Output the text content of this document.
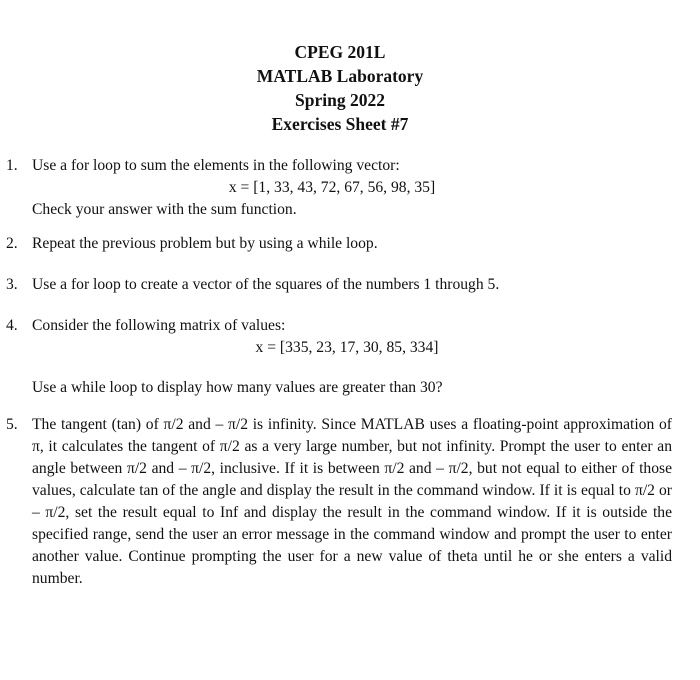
CPEG 201L
MATLAB Laboratory
Spring 2022
Exercises Sheet #7
1. Use a for loop to sum the elements in the following vector:
x = [1, 33, 43, 72, 67, 56, 98, 35]
Check your answer with the sum function.
2. Repeat the previous problem but by using a while loop.
3. Use a for loop to create a vector of the squares of the numbers 1 through 5.
4. Consider the following matrix of values:
x = [335, 23, 17, 30, 85, 334]
Use a while loop to display how many values are greater than 30?
5. The tangent (tan) of π/2 and – π/2 is infinity. Since MATLAB uses a floating-point approximation of π, it calculates the tangent of π/2 as a very large number, but not infinity. Prompt the user to enter an angle between π/2 and – π/2, inclusive. If it is between π/2 and – π/2, but not equal to either of those values, calculate tan of the angle and display the result in the command window. If it is equal to π/2 or – π/2, set the result equal to Inf and display the result in the command window. If it is outside the specified range, send the user an error message in the command window and prompt the user to enter another value. Continue prompting the user for a new value of theta until he or she enters a valid number.
